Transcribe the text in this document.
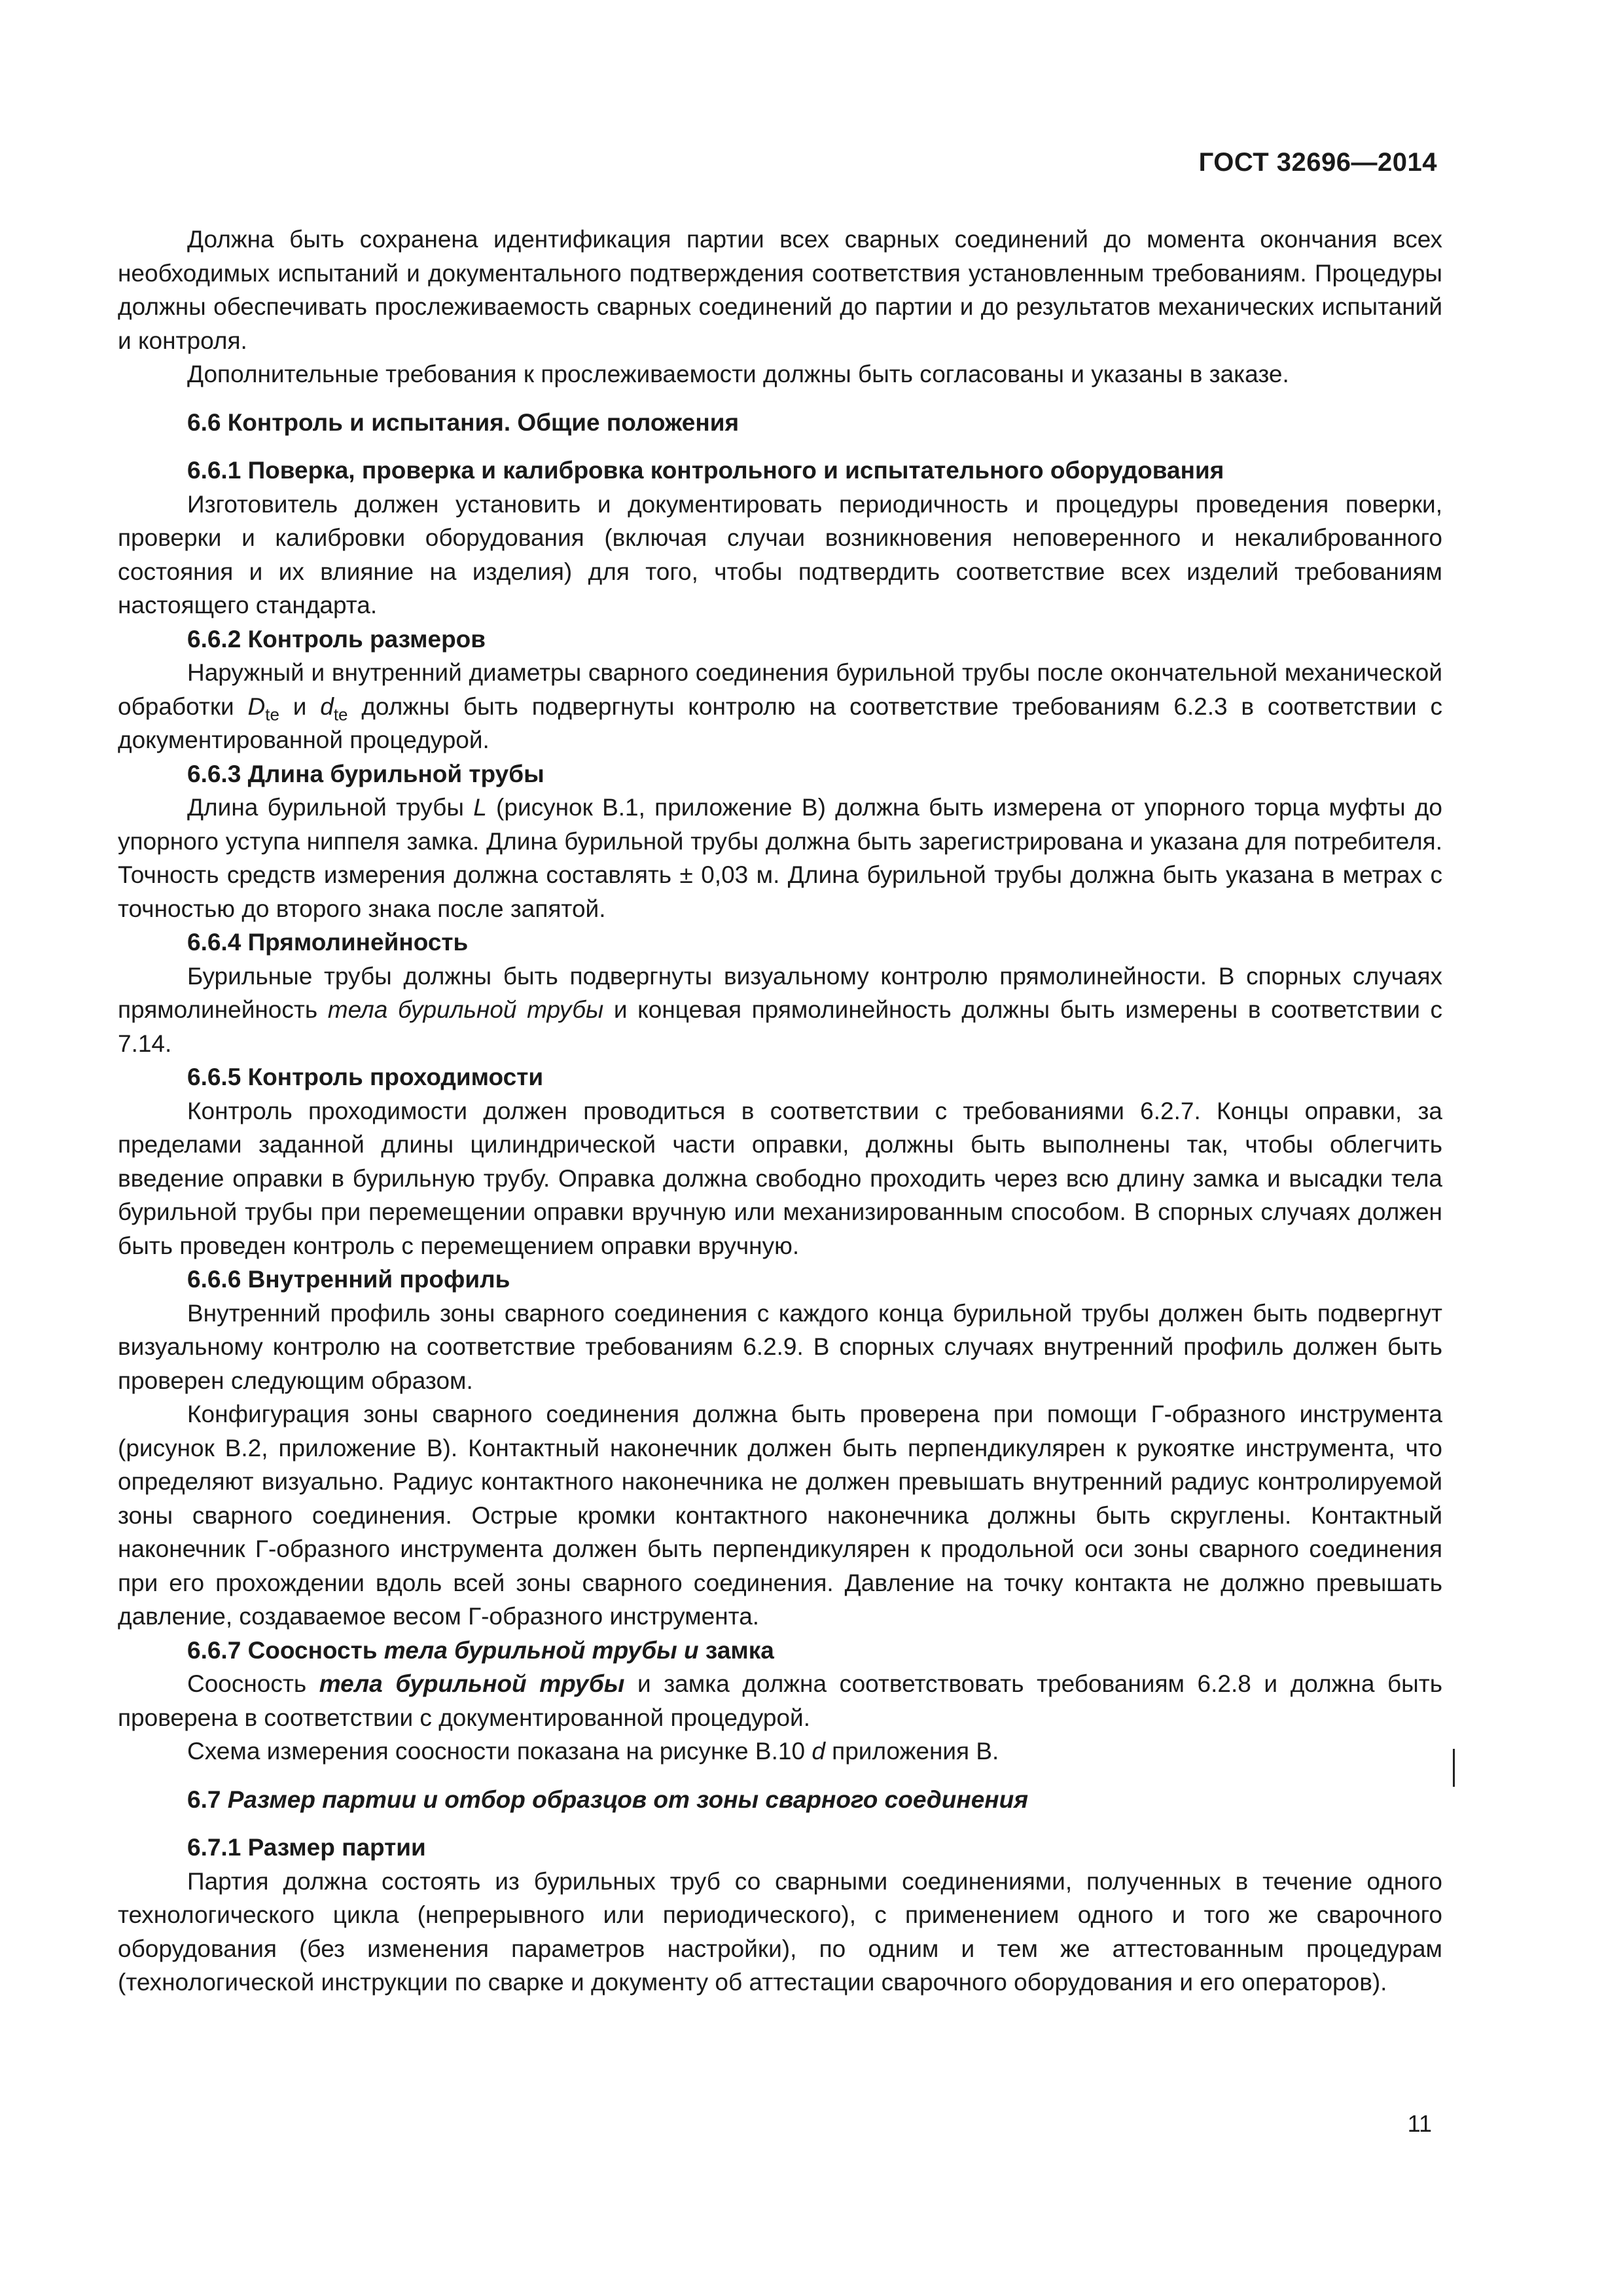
ГОСТ 32696—2014

Должна быть сохранена идентификация партии всех сварных соединений до момента окончания всех необходимых испытаний и документального подтверждения соответствия установленным требованиям. Процедуры должны обеспечивать прослеживаемость сварных соединений до партии и до результатов механических испытаний и контроля.

Дополнительные требования к прослеживаемости должны быть согласованы и указаны в заказе.

6.6 Контроль и испытания. Общие положения
6.6.1 Поверка, проверка и калибровка контрольного и испытательного оборудования

Изготовитель должен установить и документировать периодичность и процедуры проведения поверки, проверки и калибровки оборудования (включая случаи возникновения неповеренного и некалиброванного состояния и их влияние на изделия) для того, чтобы подтвердить соответствие всех изделий требованиям настоящего стандарта.

6.6.2 Контроль размеров

Наружный и внутренний диаметры сварного соединения бурильной трубы после окончательной механической обработки $D_{te}$ и $d_{te}$ должны быть подвергнуты контролю на соответствие требованиям 6.2.3 в соответствии с документированной процедурой.

6.6.3 Длина бурильной трубы

Длина бурильной трубы L (рисунок В.1, приложение В) должна быть измерена от упорного торца муфты до упорного уступа ниппеля замка. Длина бурильной трубы должна быть зарегистрирована и указана для потребителя. Точность средств измерения должна составлять ± 0,03 м. Длина бурильной трубы должна быть указана в метрах с точностью до второго знака после запятой.

6.6.4 Прямолинейность

Бурильные трубы должны быть подвергнуты визуальному контролю прямолинейности. В спорных случаях прямолинейность тела бурильной трубы и концевая прямолинейность должны быть измерены в соответствии с 7.14.

6.6.5 Контроль проходимости

Контроль проходимости должен проводиться в соответствии с требованиями 6.2.7. Концы оправки, за пределами заданной длины цилиндрической части оправки, должны быть выполнены так, чтобы облегчить введение оправки в бурильную трубу. Оправка должна свободно проходить через всю длину замка и высадки тела бурильной трубы при перемещении оправки вручную или механизированным способом. В спорных случаях должен быть проведен контроль с перемещением оправки вручную.

6.6.6 Внутренний профиль

Внутренний профиль зоны сварного соединения с каждого конца бурильной трубы должен быть подвергнут визуальному контролю на соответствие требованиям 6.2.9. В спорных случаях внутренний профиль должен быть проверен следующим образом.

Конфигурация зоны сварного соединения должна быть проверена при помощи Г-образного инструмента (рисунок В.2, приложение В). Контактный наконечник должен быть перпендикулярен к рукоятке инструмента, что определяют визуально. Радиус контактного наконечника не должен превышать внутренний радиус контролируемой зоны сварного соединения. Острые кромки контактного наконечника должны быть скруглены. Контактный наконечник Г-образного инструмента должен быть перпендикулярен к продольной оси зоны сварного соединения при его прохождении вдоль всей зоны сварного соединения. Давление на точку контакта не должно превышать давление, создаваемое весом Г-образного инструмента.

6.6.7 Соосность тела бурильной трубы и замка

Соосность тела бурильной трубы и замка должна соответствовать требованиям 6.2.8 и должна быть проверена в соответствии с документированной процедурой.

Схема измерения соосности показана на рисунке В.10 d приложения В.

6.7 Размер партии и отбор образцов от зоны сварного соединения
6.7.1 Размер партии

Партия должна состоять из бурильных труб со сварными соединениями, полученных в течение одного технологического цикла (непрерывного или периодического), с применением одного и того же сварочного оборудования (без изменения параметров настройки), по одним и тем же аттестованным процедурам (технологической инструкции по сварке и документу об аттестации сварочного оборудования и его операторов).

11
